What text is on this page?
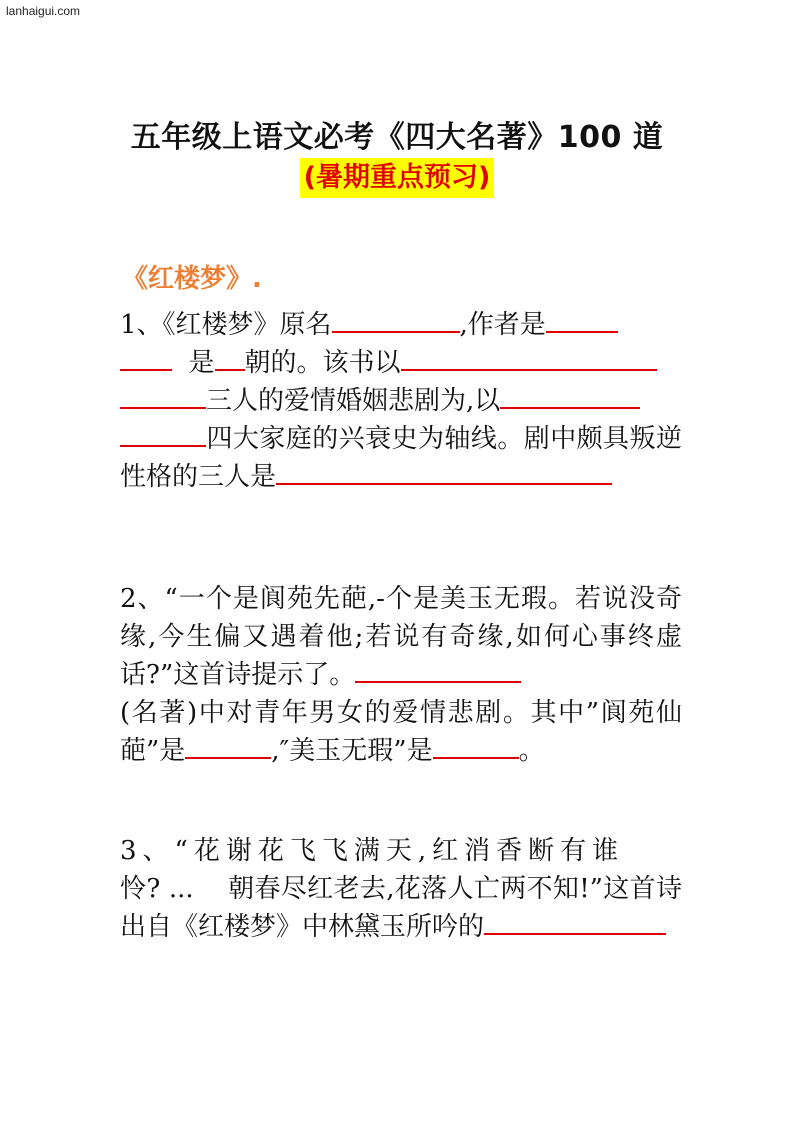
lanhaigui.com
五年级上语文必考《四大名著》100 道
(暑期重点预习)
《红楼梦》.
1、《红楼梦》原名	,作者是
是 朝的。该书以
三人的爱情婚姻悲剧为,以
四大家庭的兴衰史为轴线。剧中颇具叛逆性格的三人是
2、“一个是阆苑先葩,-个是美玉无瑕。若说没奇缘,今生偏又遇着他;若说有奇缘,如何心事终虚话?”这首诗提示了。
(名著)中对青年男女的爱情悲剧。其中”阆苑仙葩”是	,″美玉无瑕”是	。
3、“花谢花飞飞满天,红消香断有谁
怜? ...    朝春尽红老去,花落人亡两不知!”这首诗出自《红楼梦》中林黛玉所吟的
